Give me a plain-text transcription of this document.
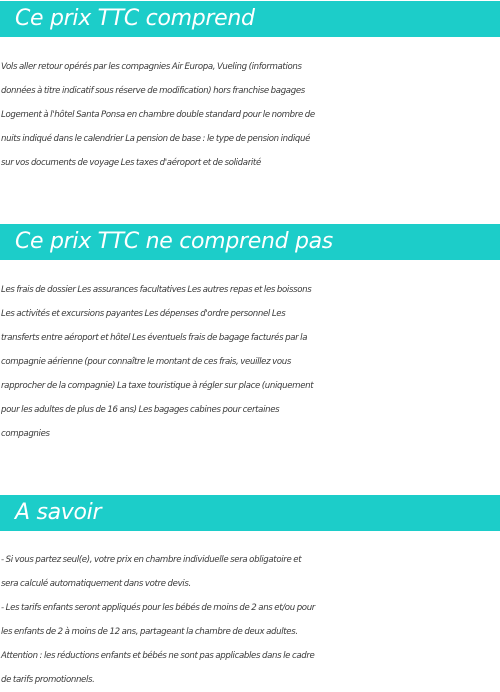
Ce prix TTC comprend

Vols aller retour opérés par les compagnies Air Europa, Vueling (informations
données à titre indicatif sous réserve de modification) hors franchise bagages
Logement à l'hôtel Santa Ponsa en chambre double standard pour le nombre de
nuits indiqué dans le calendrier La pension de base : le type de pension indiqué
sur vos documents de voyage Les taxes d'aéroport et de solidarité

Ce prix TTC ne comprend pas

Les frais de dossier Les assurances facultatives Les autres repas et les boissons
Les activités et excursions payantes Les dépenses d'ordre personnel Les
transferts entre aéroport et hôtel Les éventuels frais de bagage facturés par la
compagnie aérienne (pour connaître le montant de ces frais, veuillez vous
rapprocher de la compagnie) La taxe touristique à régler sur place (uniquement
pour les adultes de plus de 16 ans) Les bagages cabines pour certaines
compagnies

A savoir

- Si vous partez seul(e), votre prix en chambre individuelle sera obligatoire et
sera calculé automatiquement dans votre devis.
- Les tarifs enfants seront appliqués pour les bébés de moins de 2 ans et/ou pour
les enfants de 2 à moins de 12 ans, partageant la chambre de deux adultes.
Attention : les réductions enfants et bébés ne sont pas applicables dans le cadre
de tarifs promotionnels.
